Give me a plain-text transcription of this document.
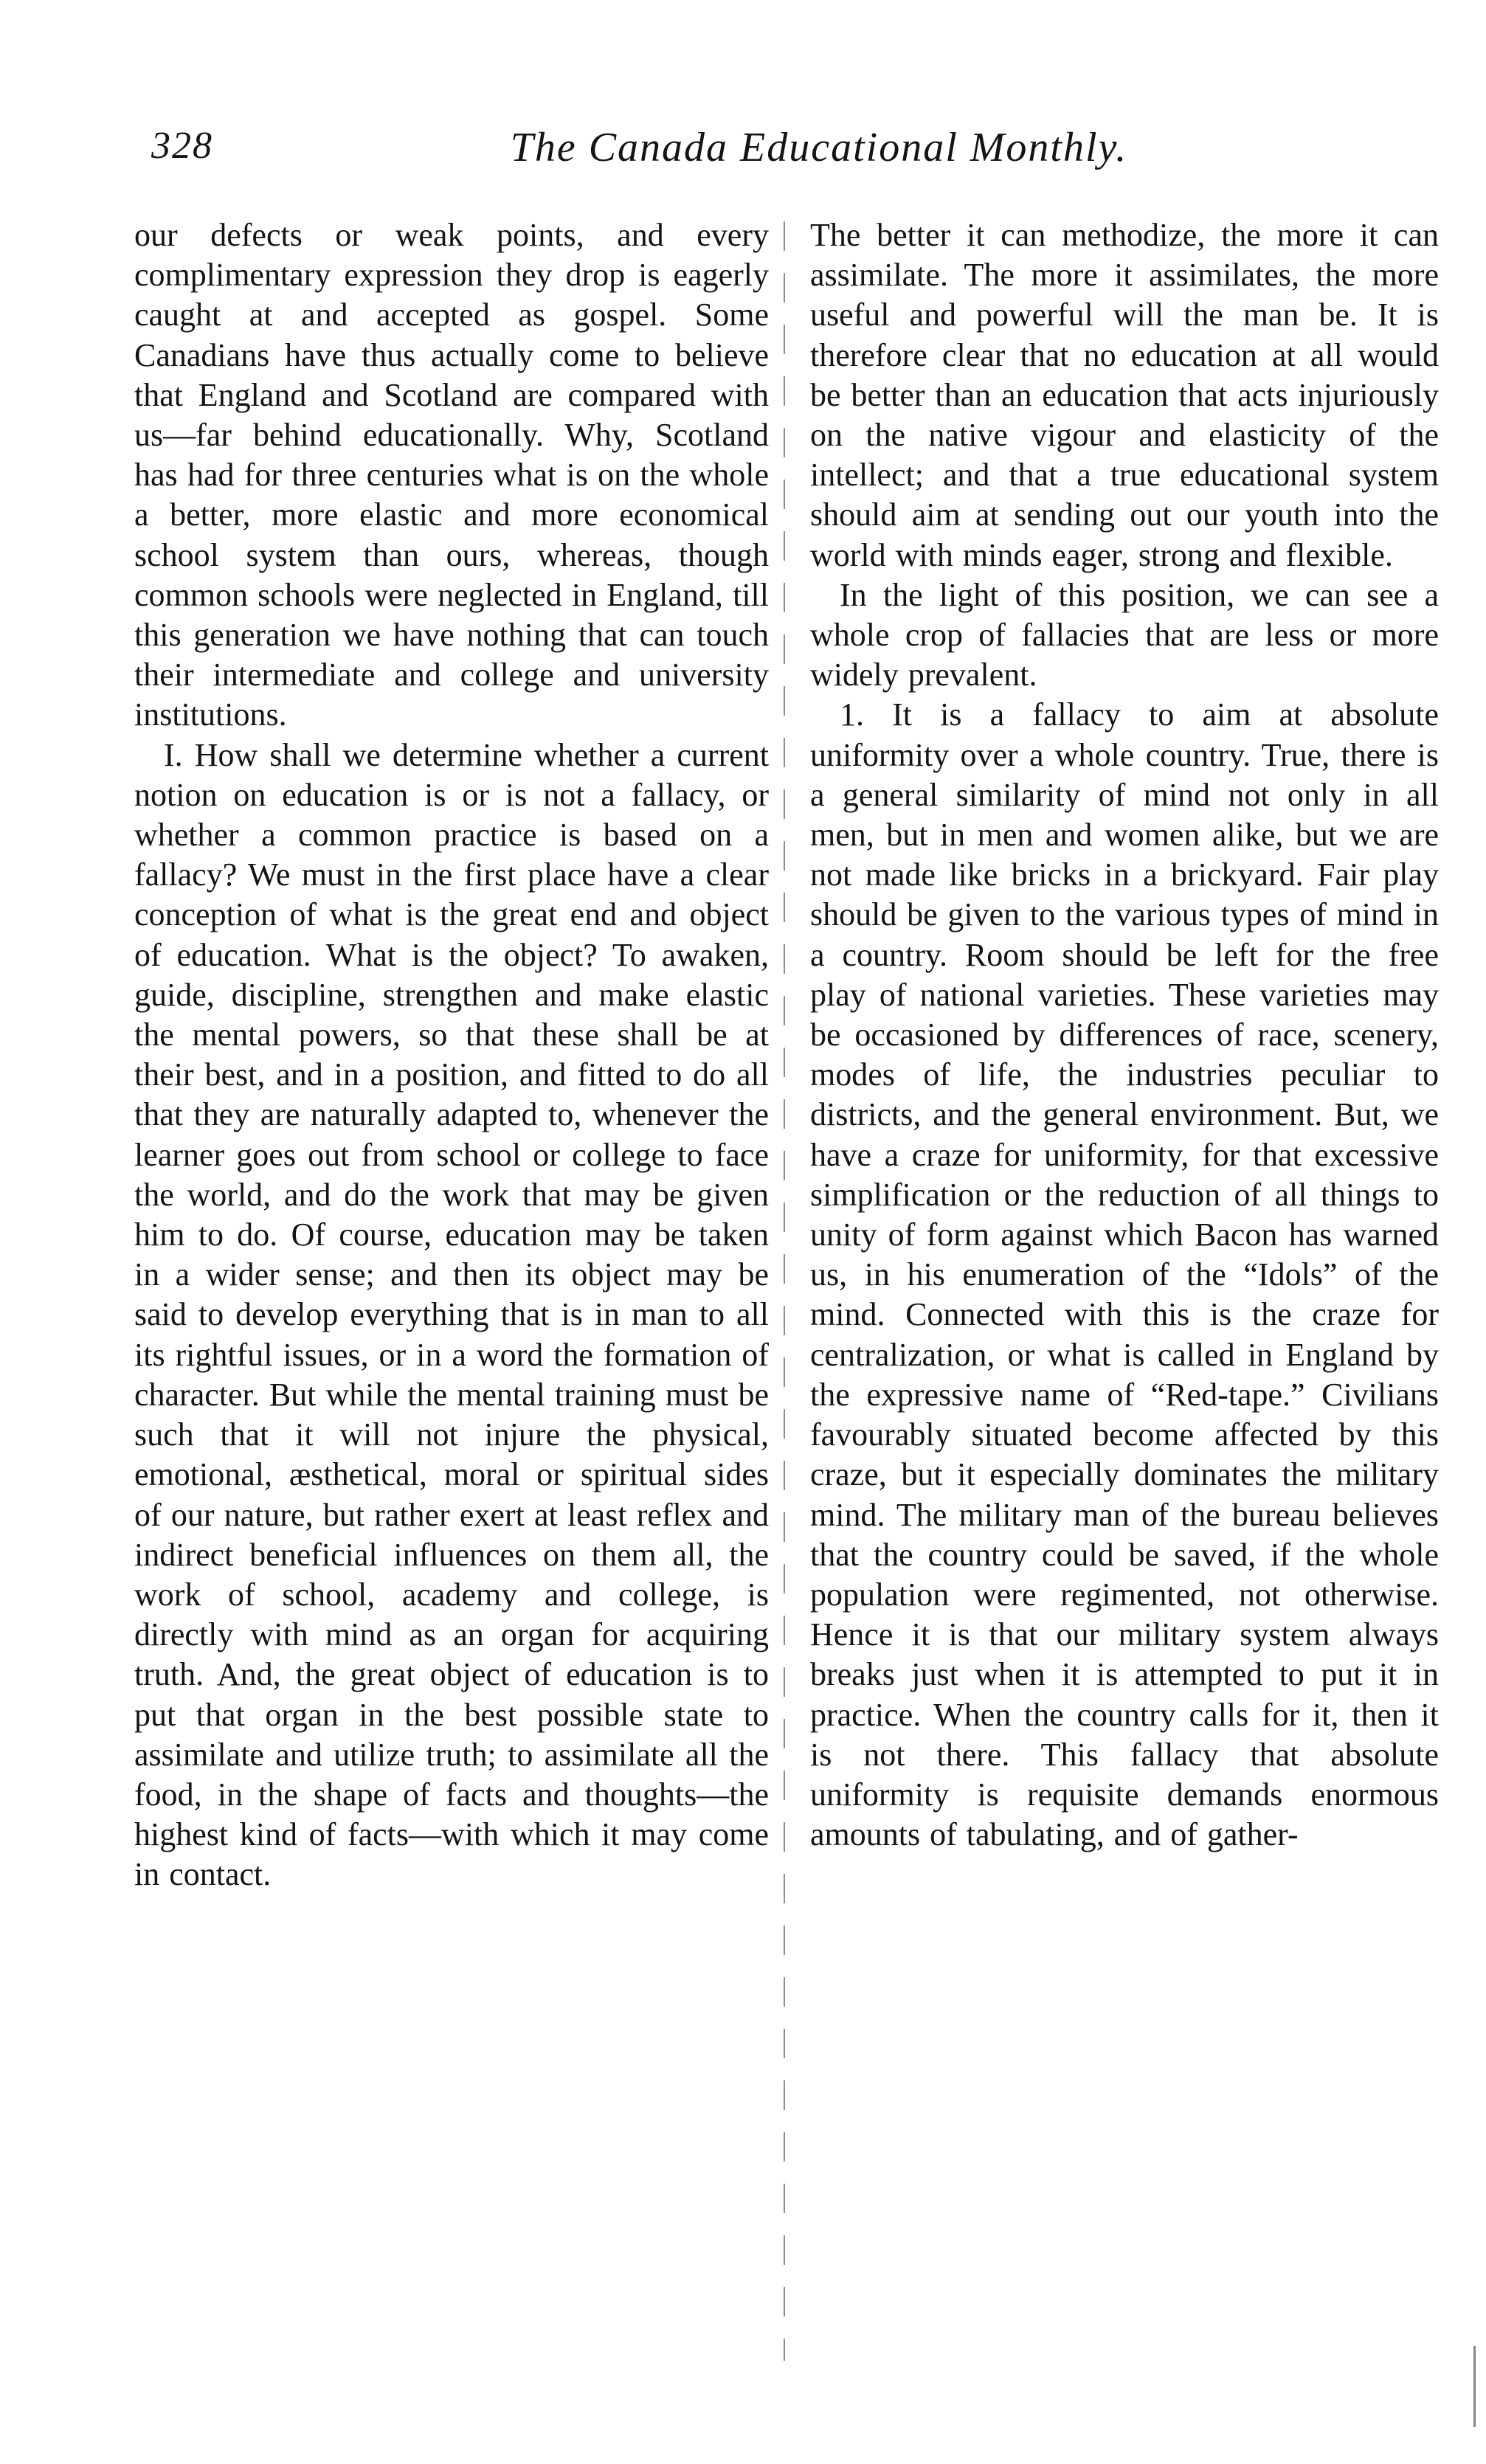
328	The Canada Educational Monthly.

our defects or weak points, and every complimentary expression they drop is eagerly caught at and accepted as gospel. Some Canadians have thus actually come to believe that England and Scotland are compared with us—far behind educationally. Why, Scotland has had for three centuries what is on the whole a better, more elastic and more economical school system than ours, whereas, though common schools were neglected in England, till this generation we have nothing that can touch their intermediate and college and university institutions.

I. How shall we determine whether a current notion on education is or is not a fallacy, or whether a common practice is based on a fallacy? We must in the first place have a clear conception of what is the great end and object of education. What is the object? To awaken, guide, discipline, strengthen and make elastic the mental powers, so that these shall be at their best, and in a position, and fitted to do all that they are naturally adapted to, whenever the learner goes out from school or college to face the world, and do the work that may be given him to do. Of course, education may be taken in a wider sense; and then its object may be said to develop everything that is in man to all its rightful issues, or in a word the formation of character. But while the mental training must be such that it will not injure the physical, emotional, æsthetical, moral or spiritual sides of our nature, but rather exert at least reflex and indirect beneficial influences on them all, the work of school, academy and college, is directly with mind as an organ for acquiring truth. And, the great object of education is to put that organ in the best possible state to assimilate and utilize truth; to assimilate all the food, in the shape of facts and thoughts—the highest kind of facts—with which it may come in contact.

The better it can methodize, the more it can assimilate. The more it assimilates, the more useful and powerful will the man be. It is therefore clear that no education at all would be better than an education that acts injuriously on the native vigour and elasticity of the intellect; and that a true educational system should aim at sending out our youth into the world with minds eager, strong and flexible.

In the light of this position, we can see a whole crop of fallacies that are less or more widely prevalent.

1. It is a fallacy to aim at absolute uniformity over a whole country. True, there is a general similarity of mind not only in all men, but in men and women alike, but we are not made like bricks in a brickyard. Fair play should be given to the various types of mind in a country. Room should be left for the free play of national varieties. These varieties may be occasioned by differences of race, scenery, modes of life, the industries peculiar to districts, and the general environment. But, we have a craze for uniformity, for that excessive simplification or the reduction of all things to unity of form against which Bacon has warned us, in his enumeration of the “Idols” of the mind. Connected with this is the craze for centralization, or what is called in England by the expressive name of “Red-tape.” Civilians favourably situated become affected by this craze, but it especially dominates the military mind. The military man of the bureau believes that the country could be saved, if the whole population were regimented, not otherwise. Hence it is that our military system always breaks just when it is attempted to put it in practice. When the country calls for it, then it is not there. This fallacy that absolute uniformity is requisite demands enormous amounts of tabulating, and of gather-
